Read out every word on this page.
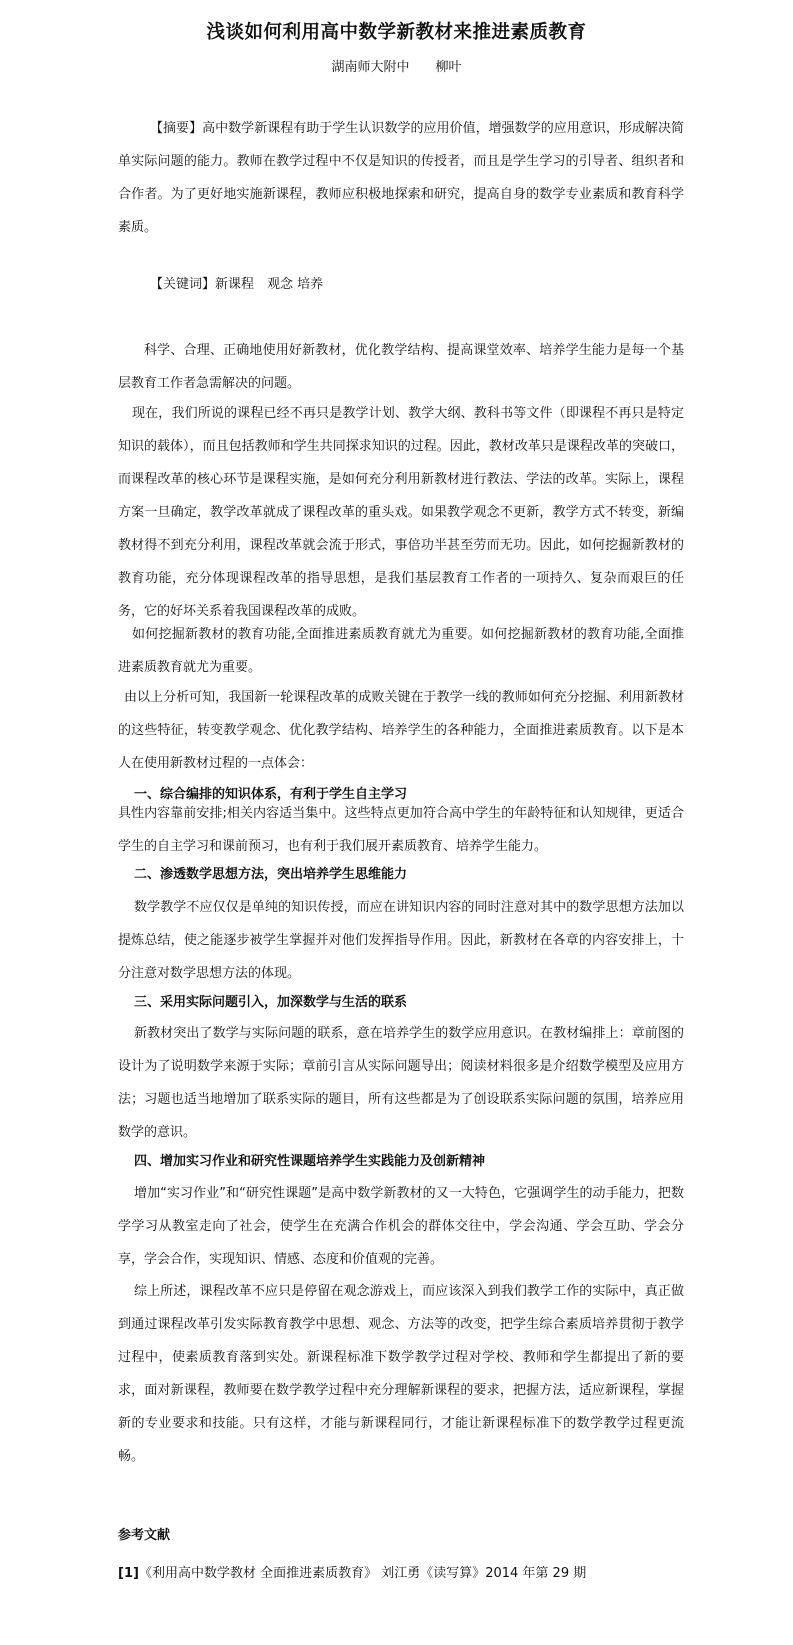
浅谈如何利用高中数学新教材来推进素质教育
湖南师大附中 柳叶

【摘要】高中数学新课程有助于学生认识数学的应用价值，增强数学的应用意识，形成解决简单实际问题的能力。教师在教学过程中不仅是知识的传授者，而且是学生学习的引导者、组织者和合作者。为了更好地实施新课程，教师应积极地探索和研究，提高自身的数学专业素质和教育科学素质。

【关键词】新课程　观念 培养

科学、合理、正确地使用好新教材，优化教学结构、提高课堂效率、培养学生能力是每一个基层教育工作者急需解决的问题。

现在，我们所说的课程已经不再只是教学计划、教学大纲、教科书等文件（即课程不再只是特定知识的载体），而且包括教师和学生共同探求知识的过程。因此，教材改革只是课程改革的突破口，而课程改革的核心环节是课程实施，是如何充分利用新教材进行教法、学法的改革。实际上，课程方案一旦确定，教学改革就成了课程改革的重头戏。如果教学观念不更新，教学方式不转变，新编教材得不到充分利用，课程改革就会流于形式，事倍功半甚至劳而无功。因此，如何挖掘新教材的教育功能，充分体现课程改革的指导思想，是我们基层教育工作者的一项持久、复杂而艰巨的任务，它的好坏关系着我国课程改革的成败。

如何挖掘新教材的教育功能,全面推进素质教育就尤为重要。如何挖掘新教材的教育功能,全面推进素质教育就尤为重要。

由以上分析可知，我国新一轮课程改革的成败关键在于教学一线的教师如何充分挖掘、利用新教材的这些特征，转变教学观念、优化教学结构、培养学生的各种能力，全面推进素质教育。以下是本人在使用新教材过程的一点体会：

一、综合编排的知识体系，有利于学生自主学习

具性内容靠前安排;相关内容适当集中。这些特点更加符合高中学生的年龄特征和认知规律，更适合学生的自主学习和课前预习，也有利于我们展开素质教育、培养学生能力。

二、渗透数学思想方法，突出培养学生思维能力

数学教学不应仅仅是单纯的知识传授，而应在讲知识内容的同时注意对其中的数学思想方法加以提炼总结，使之能逐步被学生掌握并对他们发挥指导作用。因此，新教材在各章的内容安排上，十分注意对数学思想方法的体现。

三、采用实际问题引入，加深数学与生活的联系

新教材突出了数学与实际问题的联系，意在培养学生的数学应用意识。在教材编排上：章前图的设计为了说明数学来源于实际；章前引言从实际问题导出；阅读材料很多是介绍数学模型及应用方法；习题也适当地增加了联系实际的题目，所有这些都是为了创设联系实际问题的氛围，培养应用数学的意识。

四、增加实习作业和研究性课题培养学生实践能力及创新精神

增加“实习作业”和“研究性课题”是高中数学新教材的又一大特色，它强调学生的动手能力，把数学学习从教室走向了社会，使学生在充满合作机会的群体交往中，学会沟通、学会互助、学会分享，学会合作，实现知识、情感、态度和价值观的完善。

综上所述，课程改革不应只是停留在观念游戏上，而应该深入到我们教学工作的实际中，真正做到通过课程改革引发实际教育教学中思想、观念、方法等的改变，把学生综合素质培养贯彻于教学过程中，使素质教育落到实处。新课程标准下数学教学过程对学校、教师和学生都提出了新的要求，面对新课程，教师要在数学教学过程中充分理解新课程的要求，把握方法，适应新课程，掌握新的专业要求和技能。只有这样，才能与新课程同行，才能让新课程标准下的数学教学过程更流畅。

参考文献

[1]《利用高中数学教材 全面推进素质教育》 刘江勇《读写算》2014 年第 29 期
